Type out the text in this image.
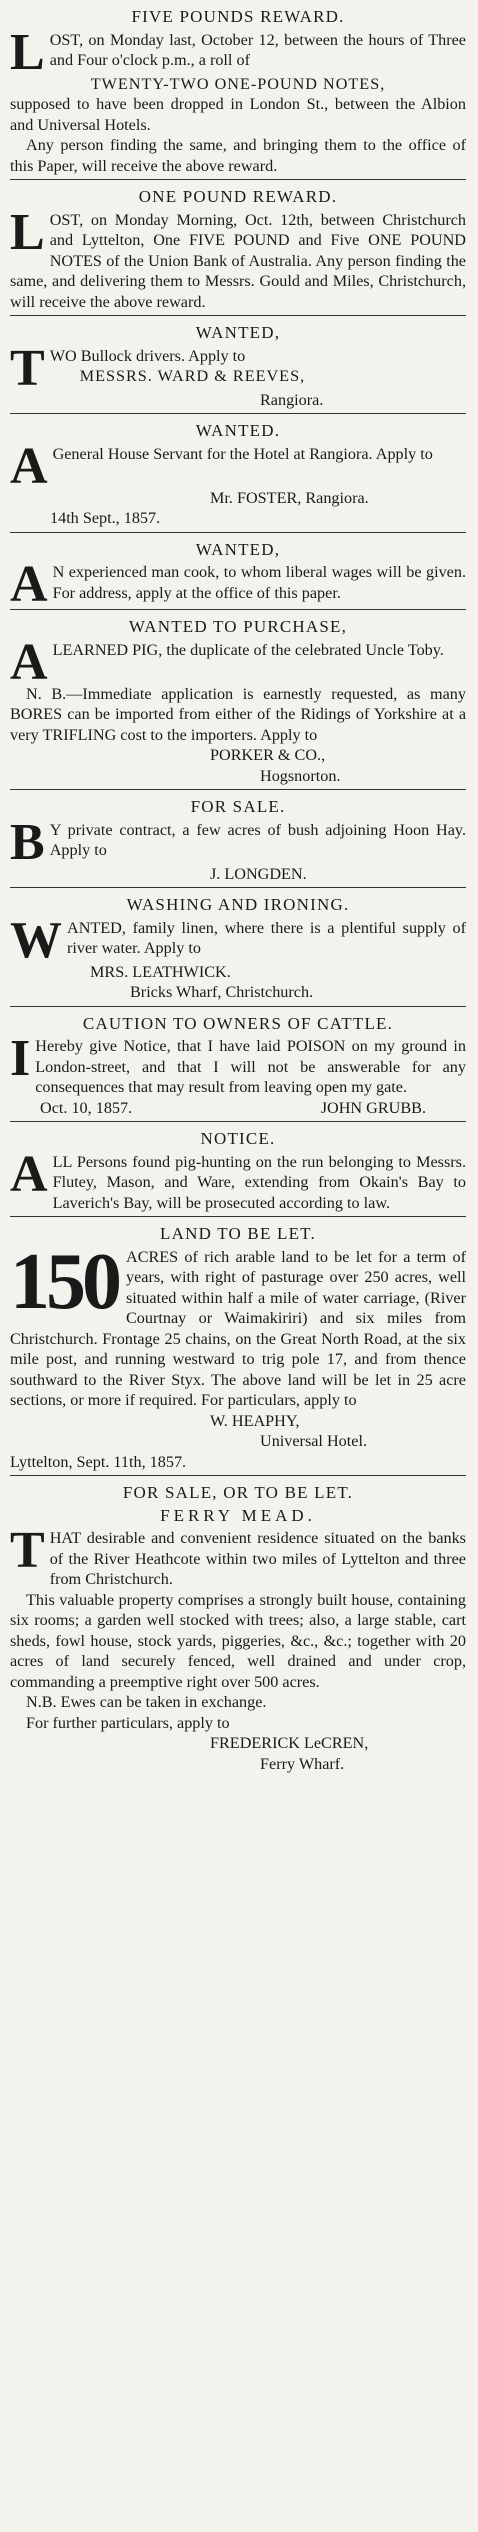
FIVE POUNDS REWARD.
L OST, on Monday last, October 12, between the hours of Three and Four o'clock p.m., a roll of
TWENTY-TWO ONE-POUND NOTES,

supposed to have been dropped in London St., between the Albion and Universal Hotels.

Any person finding the same, and bringing them to the office of this Paper, will receive the above reward.

ONE POUND REWARD.
L OST, on Monday Morning, Oct. 12th, between Christchurch and Lyttelton, One FIVE POUND and Five ONE POUND NOTES of the Union Bank of Australia. Any person finding the same, and delivering them to Messrs. Gould and Miles, Christchurch, will receive the above reward.
WANTED,
T WO Bullock drivers. Apply to
MESSRS. WARD & REEVES,
Rangiora.
WANTED.
A General House Servant for the Hotel at Rangiora. Apply to
Mr. FOSTER, Rangiora.
14th Sept., 1857.
WANTED,
A N experienced man cook, to whom liberal wages will be given. For address, apply at the office of this paper.
WANTED TO PURCHASE,
A LEARNED PIG, the duplicate of the celebrated Uncle Toby.

N. B.—Immediate application is earnestly requested, as many BORES can be imported from either of the Ridings of Yorkshire at a very TRIFLING cost to the importers. Apply to

PORKER & CO.,
Hogsnorton.
FOR SALE.
B Y private contract, a few acres of bush adjoining Hoon Hay. Apply to
J. LONGDEN.
WASHING AND IRONING.
W ANTED, family linen, where there is a plentiful supply of river water. Apply to
MRS. LEATHWICK.
Bricks Wharf, Christchurch.
CAUTION TO OWNERS OF CATTLE.
I Hereby give Notice, that I have laid POISON on my ground in London-street, and that I will not be answerable for any consequences that may result from leaving open my gate.
Oct. 10, 1857.	JOHN GRUBB.
NOTICE.
A LL Persons found pig-hunting on the run belonging to Messrs. Flutey, Mason, and Ware, extending from Okain's Bay to Laverich's Bay, will be prosecuted according to law.
LAND TO BE LET.
150 ACRES of rich arable land to be let for a term of years, with right of pasturage over 250 acres, well situated within half a mile of water carriage, (River Courtnay or Waimakiriri) and six miles from Christchurch. Frontage 25 chains, on the Great North Road, at the six mile post, and running westward to trig pole 17, and from thence southward to the River Styx. The above land will be let in 25 acre sections, or more if required. For particulars, apply to
W. HEAPHY,
Universal Hotel.
Lyttelton, Sept. 11th, 1857.
FOR SALE, OR TO BE LET.
FERRY MEAD.
T HAT desirable and convenient residence situated on the banks of the River Heathcote within two miles of Lyttelton and three from Christchurch.

This valuable property comprises a strongly built house, containing six rooms; a garden well stocked with trees; also, a large stable, cart sheds, fowl house, stock yards, piggeries, &c., &c.; together with 20 acres of land securely fenced, well drained and under crop, commanding a preemptive right over 500 acres.

N.B. Ewes can be taken in exchange.

For further particulars, apply to

FREDERICK LeCREN,
Ferry Wharf.
